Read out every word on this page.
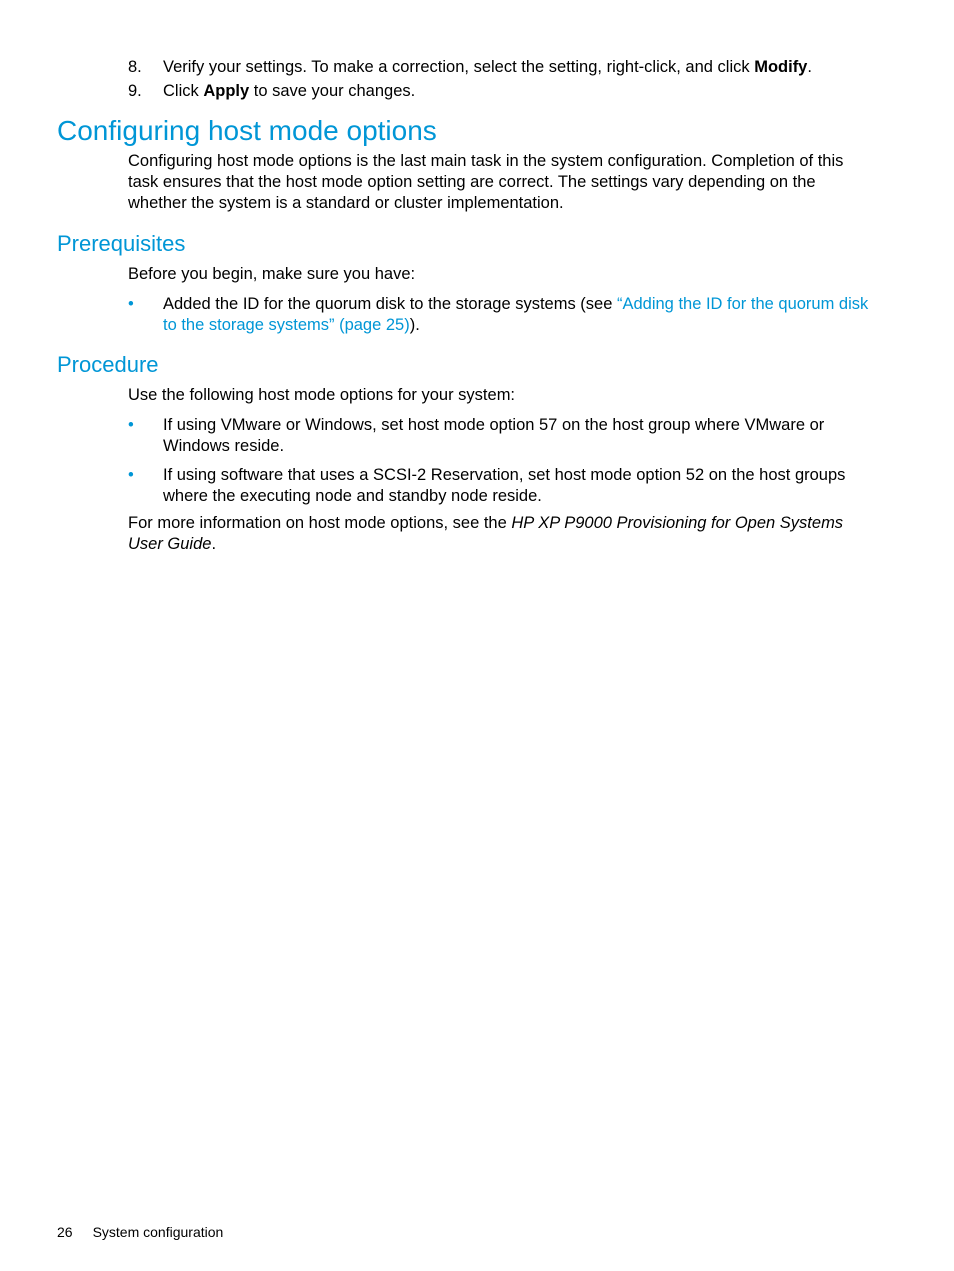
8. Verify your settings. To make a correction, select the setting, right-click, and click Modify.
9. Click Apply to save your changes.
Configuring host mode options

Configuring host mode options is the last main task in the system configuration. Completion of this task ensures that the host mode option setting are correct. The settings vary depending on the whether the system is a standard or cluster implementation.

Prerequisites

Before you begin, make sure you have:

• Added the ID for the quorum disk to the storage systems (see “Adding the ID for the quorum disk to the storage systems” (page 25)).
Procedure

Use the following host mode options for your system:

• If using VMware or Windows, set host mode option 57 on the host group where VMware or Windows reside.
• If using software that uses a SCSI-2 Reservation, set host mode option 52 on the host groups where the executing node and standby node reside.

For more information on host mode options, see the HP XP P9000 Provisioning for Open Systems User Guide.

26 System configuration
